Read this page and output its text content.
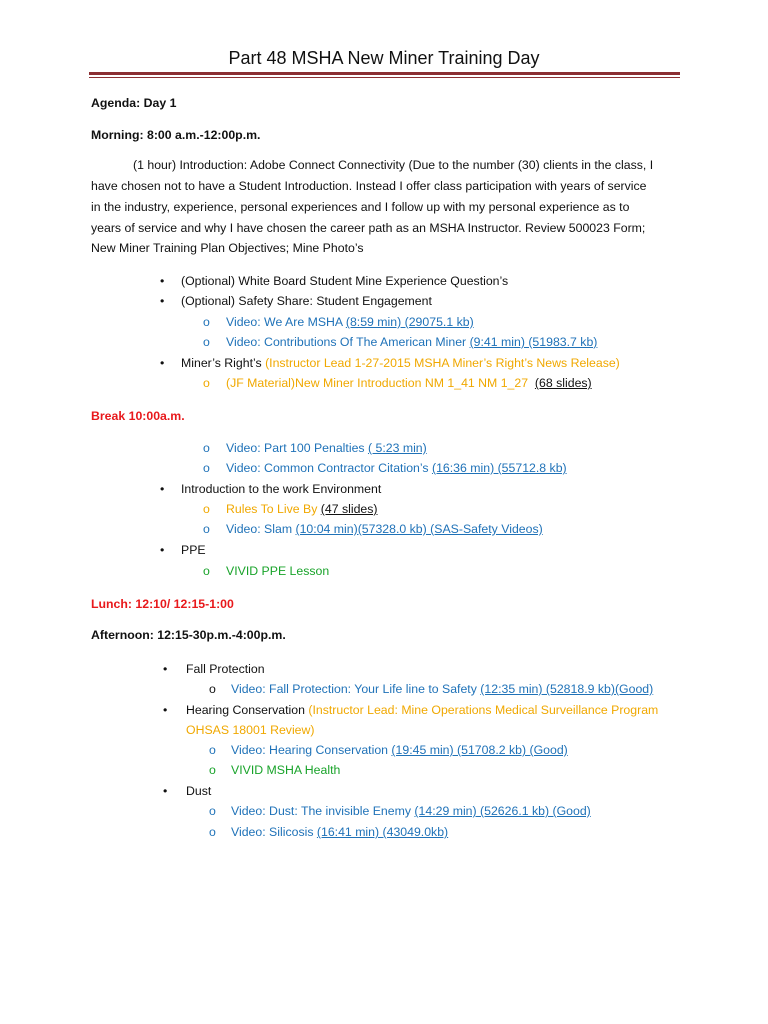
Part 48 MSHA New Miner Training Day
Agenda: Day 1
Morning: 8:00 a.m.-12:00p.m.
(1 hour) Introduction: Adobe Connect Connectivity (Due to the number (30) clients in the class, I
have chosen not to have a Student Introduction. Instead I offer class participation with years of service
in the industry, experience, personal experiences and I follow up with my personal experience as to
years of service and why I have chosen the career path as an MSHA Instructor. Review 500023 Form;
New Miner Training Plan Objectives; Mine Photo’s
• (Optional) White Board Student Mine Experience Question’s
• (Optional) Safety Share: Student Engagement
o Video: We Are MSHA (8:59 min) (29075.1 kb)
o Video: Contributions Of The American Miner (9:41 min) (51983.7 kb)
• Miner’s Right’s (Instructor Lead 1-27-2015 MSHA Miner’s Right’s News Release)
o (JF Material)New Miner Introduction NM 1_41 NM 1_27 (68 slides)
Break 10:00a.m.
o Video: Part 100 Penalties ( 5:23 min)
o Video: Common Contractor Citation’s (16:36 min) (55712.8 kb)
• Introduction to the work Environment
o Rules To Live By (47 slides)
o Video: Slam (10:04 min)(57328.0 kb) (SAS-Safety Videos)
• PPE
o VIVID PPE Lesson
Lunch: 12:10/ 12:15-1:00
Afternoon: 12:15-30p.m.-4:00p.m.
• Fall Protection
o Video: Fall Protection: Your Life line to Safety (12:35 min) (52818.9 kb)(Good)
• Hearing Conservation (Instructor Lead: Mine Operations Medical Surveillance Program
OHSAS 18001 Review)
o Video: Hearing Conservation (19:45 min) (51708.2 kb) (Good)
o VIVID MSHA Health
• Dust
o Video: Dust: The invisible Enemy (14:29 min) (52626.1 kb) (Good)
o Video: Silicosis (16:41 min) (43049.0kb)
